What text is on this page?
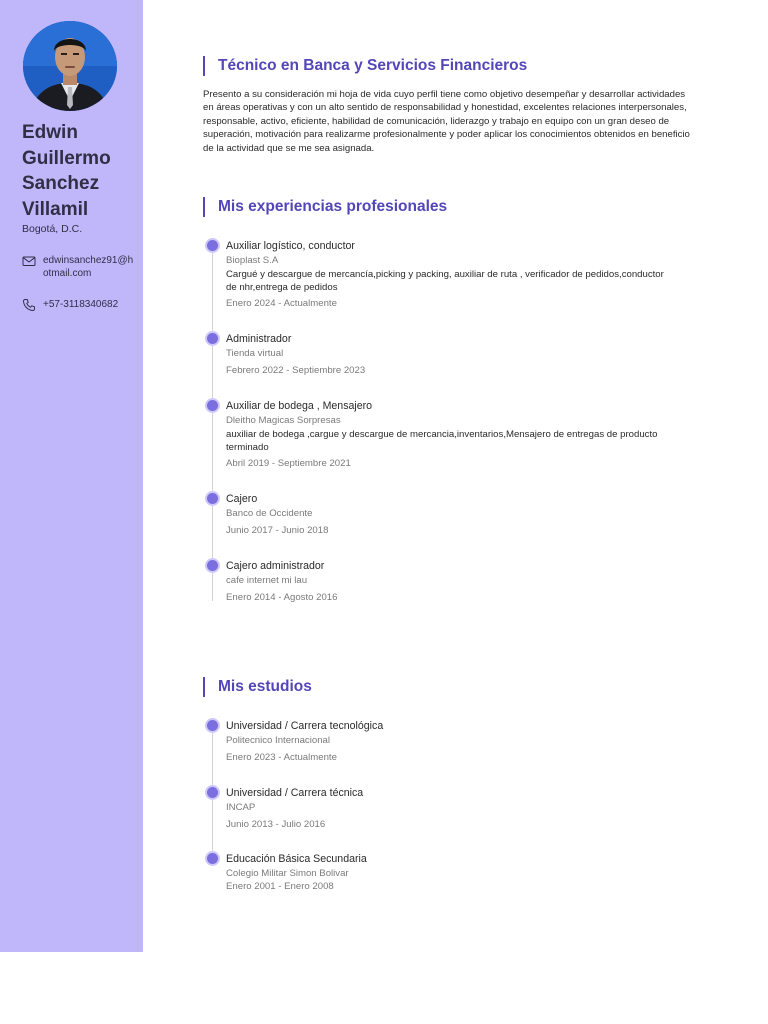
Edwin
Guillermo
Sanchez
Villamil
Bogotá, D.C.
edwinsanchez91@hotmail.com
+57-3118340682
Técnico en Banca y Servicios Financieros
Presento a su consideración mi hoja de vida cuyo perfil tiene como objetivo desempeñar y desarrollar actividades en áreas operativas y con un alto sentido de responsabilidad y honestidad, excelentes relaciones interpersonales, responsable, activo, eficiente, habilidad de comunicación, liderazgo y trabajo en equipo con un gran deseo de superación, motivación para realizarme profesionalmente y poder aplicar los conocimientos obtenidos en beneficio de la actividad que se me sea asignada.
Mis experiencias profesionales
Auxiliar logístico, conductor
Bioplast S.A
Cargué y descargue de mercancía,picking y packing, auxiliar de ruta , verificador de pedidos,conductor de nhr,entrega de pedidos
Enero 2024 - Actualmente
Administrador
Tienda virtual
Febrero 2022 - Septiembre 2023
Auxiliar de bodega , Mensajero
Dleitho Magicas Sorpresas
auxiliar de bodega ,cargue y descargue de mercancia,inventarios,Mensajero de entregas de producto terminado
Abril 2019 - Septiembre 2021
Cajero
Banco de Occidente
Junio 2017 - Junio 2018
Cajero administrador
cafe internet mi lau
Enero 2014 - Agosto 2016
Mis estudios
Universidad / Carrera tecnológica
Politecnico Internacional
Enero 2023 - Actualmente
Universidad / Carrera técnica
INCAP
Junio 2013 - Julio 2016
Educación Básica Secundaria
Colegio Militar Simon Bolivar
Enero 2001 - Enero 2008
